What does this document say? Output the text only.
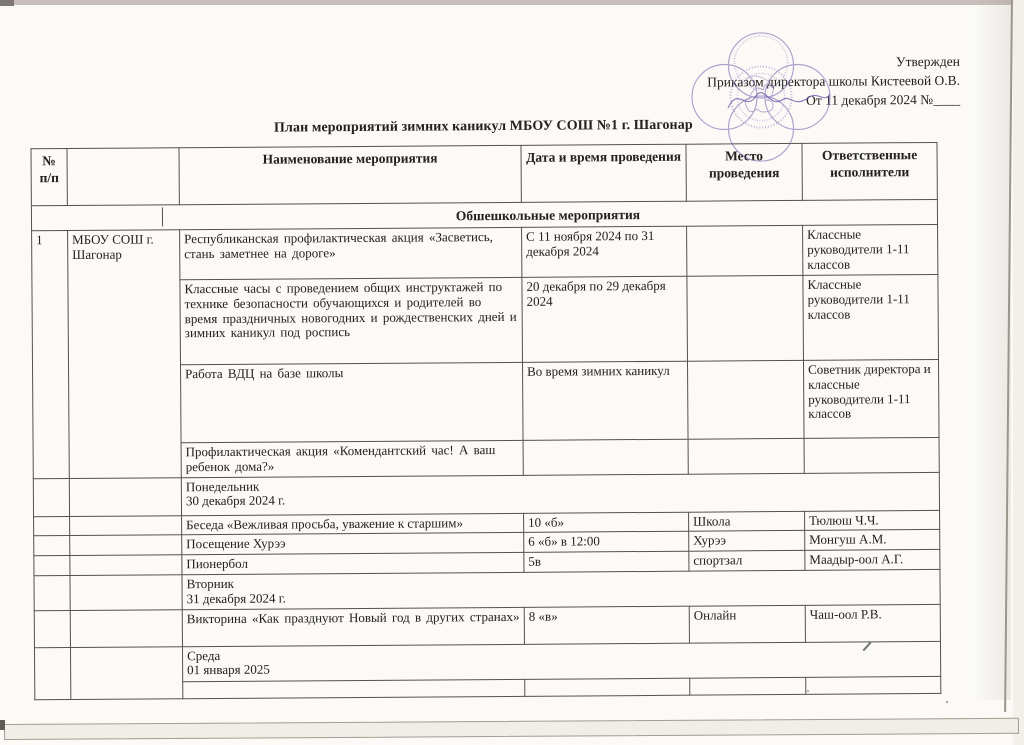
Утвержден
Приказом директора школы Кистеевой О.В.
От 11 декабря 2024 №____
План мероприятий зимних каникул МБОУ СОШ №1 г. Шагонар
№ п/п		Наименование мероприятия	Дата и время проведения	Место проведения	Ответственные исполнители

Обшешкольные мероприятия					

1	МБОУ СОШ г. Шагонар	Республиканская профилактическая акция «Засветись, стань заметнее на дороге»	С 11 ноября 2024 по 31 декабря 2024		Классные руководители 1-11 классов
		Классные часы с проведением общих инструктажей по технике безопасности обучающихся и родителей во время праздничных новогодних и рождественских дней и зимних каникул под роспись	20 декабря по 29 декабря 2024		Классные руководители 1-11 классов
		Работа ВДЦ на базе школы	Во время зимних каникул		Советник директора и классные руководители 1-11 классов
		Профилактическая акция «Комендантский час! А ваш ребенок дома?»			

		Понедельник
30 декабря 2024 г.			

		Беседа «Вежливая просьба, уважение к старшим»	10 «б»	Школа	Тюлюш Ч.Ч.
		Посещение Хурээ	6 «б» в 12:00	Хурээ	Монгуш А.М.
		Пионербол	5в	спортзал	Маадыр-оол А.Г.

		Вторник
31 декабря 2024 г.			

		Викторина «Как празднуют Новый год в других странах»	8 «в»	Онлайн	Чаш-оол Р.В.

		Среда
01 января 2025			
